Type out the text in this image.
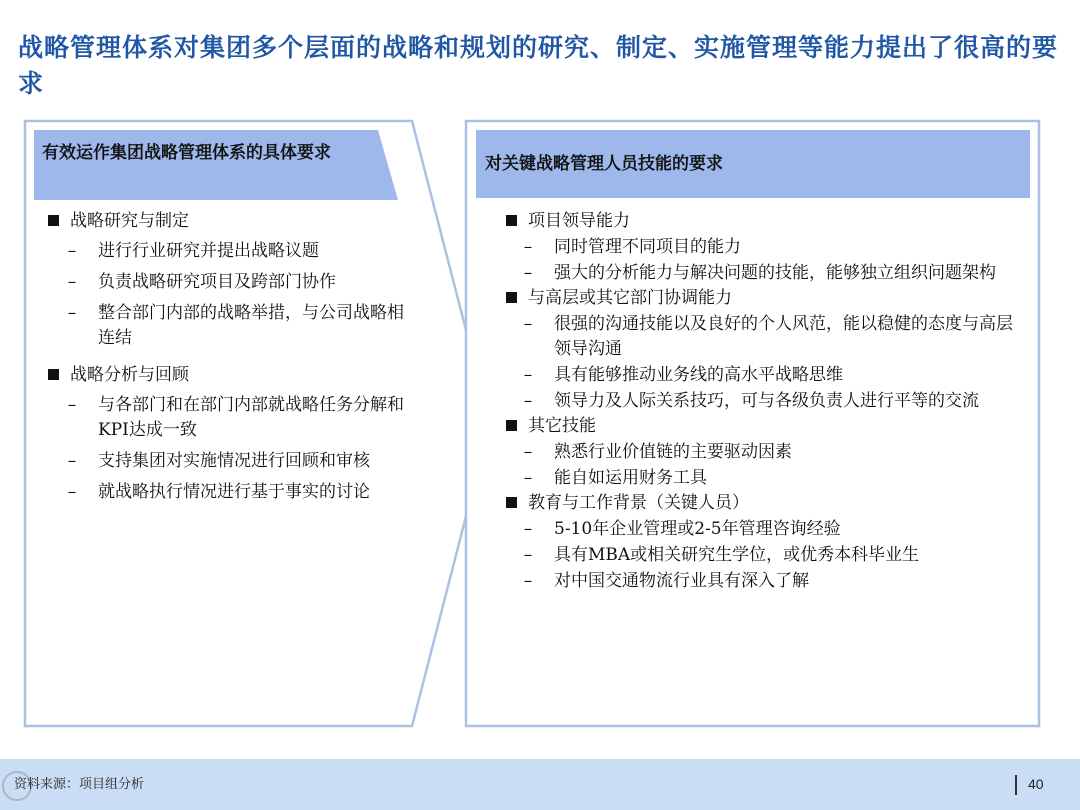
战略管理体系对集团多个层面的战略和规划的研究、制定、实施管理等能力提出了很高的要求
有效运作集团战略管理体系的具体要求
对关键战略管理人员技能的要求
战略研究与制定
–	进行行业研究并提出战略议题
–	负责战略研究项目及跨部门协作
–	整合部门内部的战略举措，与公司战略相连结
战略分析与回顾
–	与各部门和在部门内部就战略任务分解和KPI达成一致
–	支持集团对实施情况进行回顾和审核
–	就战略执行情况进行基于事实的讨论
项目领导能力
–	同时管理不同项目的能力
–	强大的分析能力与解决问题的技能，能够独立组织问题架构
与高层或其它部门协调能力
–	很强的沟通技能以及良好的个人风范，能以稳健的态度与高层领导沟通
–	具有能够推动业务线的高水平战略思维
–	领导力及人际关系技巧，可与各级负责人进行平等的交流
其它技能
–	熟悉行业价值链的主要驱动因素
–	能自如运用财务工具
教育与工作背景（关键人员）
–	5-10年企业管理或2-5年管理咨询经验
–	具有MBA或相关研究生学位，或优秀本科毕业生
–	对中国交通物流行业具有深入了解
资料来源：项目组分析	40
